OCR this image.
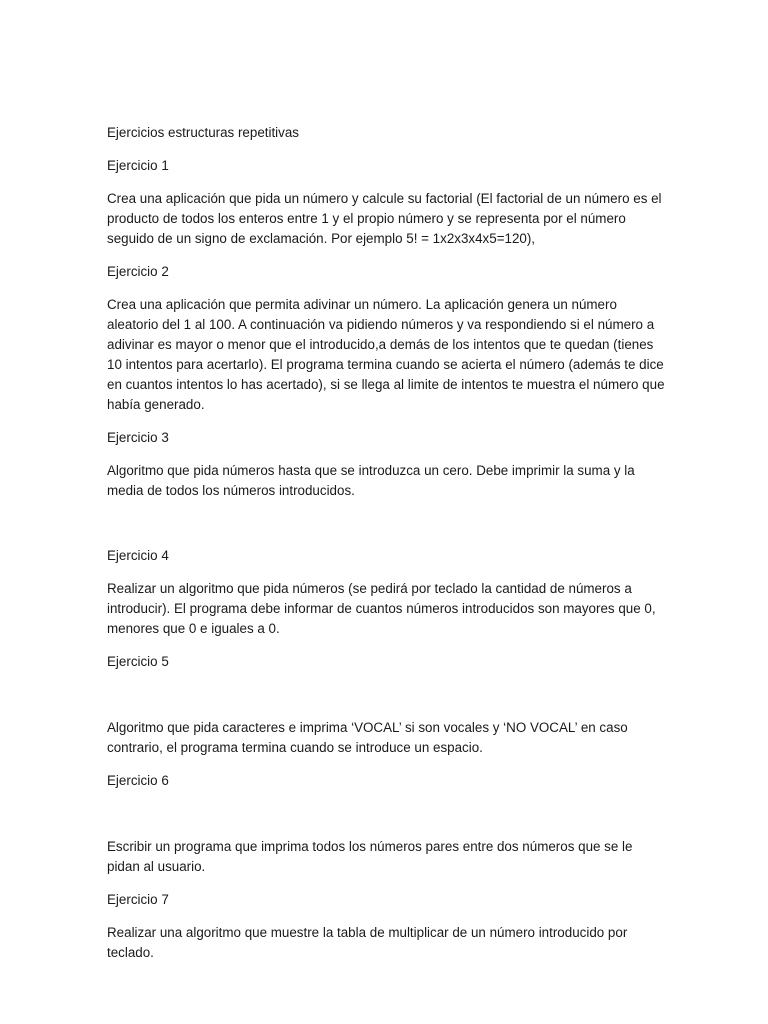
Ejercicios estructuras repetitivas

Ejercicio 1

Crea una aplicación que pida un número y calcule su factorial (El factorial de un número es el producto de todos los enteros entre 1 y el propio número y se representa por el número seguido de un signo de exclamación. Por ejemplo 5! = 1x2x3x4x5=120),

Ejercicio 2

Crea una aplicación que permita adivinar un número. La aplicación genera un número aleatorio del 1 al 100. A continuación va pidiendo números y va respondiendo si el número a adivinar es mayor o menor que el introducido,a demás de los intentos que te quedan (tienes 10 intentos para acertarlo). El programa termina cuando se acierta el número (además te dice en cuantos intentos lo has acertado), si se llega al limite de intentos te muestra el número que había generado.

Ejercicio 3

Algoritmo que pida números hasta que se introduzca un cero. Debe imprimir la suma y la media de todos los números introducidos.

Ejercicio 4

Realizar un algoritmo que pida números (se pedirá por teclado la cantidad de números a introducir). El programa debe informar de cuantos números introducidos son mayores que 0, menores que 0 e iguales a 0.

Ejercicio 5

Algoritmo que pida caracteres e imprima ‘VOCAL’ si son vocales y ‘NO VOCAL’ en caso contrario, el programa termina cuando se introduce un espacio.

Ejercicio 6

Escribir un programa que imprima todos los números pares entre dos números que se le pidan al usuario.

Ejercicio 7

Realizar una algoritmo que muestre la tabla de multiplicar de un número introducido por teclado.
